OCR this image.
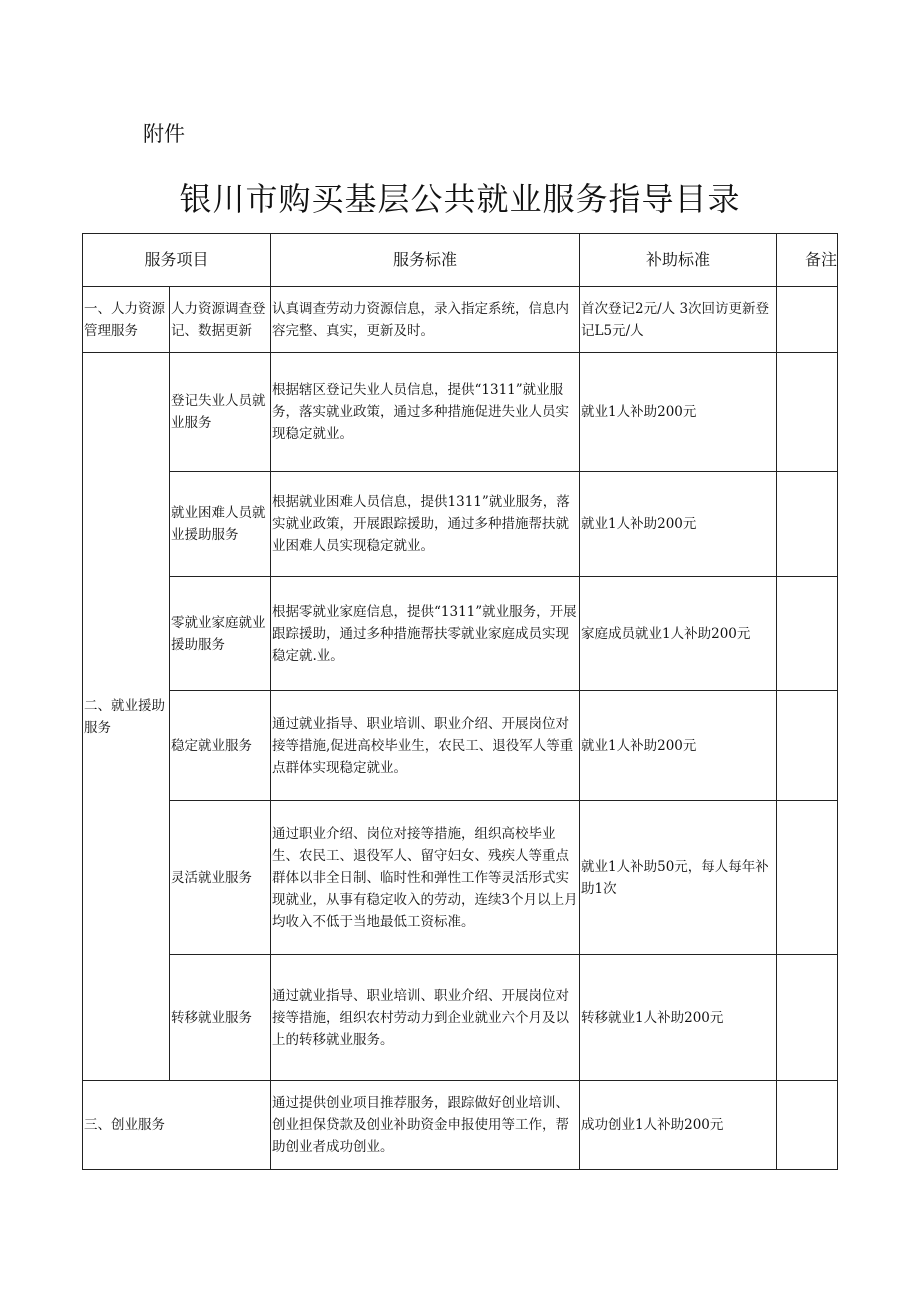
附件
银川市购买基层公共就业服务指导目录
服务项目		服务标准	补助标准	备注
一、人力资源管理服务	人力资源调查登记、数据更新	认真调查劳动力资源信息，录入指定系统，信息内容完整、真实，更新及时。	首次登记2元/人 3次回访更新登记L5元/人	
二、就业援助服务	登记失业人员就业服务	根据辖区登记失业人员信息，提供“1311”就业服务，落实就业政策，通过多种措施促进失业人员实现稳定就业。	就业1人补助200元	
	就业困难人员就业援助服务	根据就业困难人员信息，提供1311”就业服务，落实就业政策，开展跟踪援助，通过多种措施帮扶就业困难人员实现稳定就业。	就业1人补助200元	
	零就业家庭就业援助服务	根据零就业家庭信息，提供“1311”就业服务，开展跟踪援助，通过多种措施帮扶零就业家庭成员实现稳定就.业。	家庭成员就业1人补助200元	
	稳定就业服务	通过就业指导、职业培训、职业介绍、开展岗位对接等措施,促进高校毕业生，农民工、退役军人等重点群体实现稳定就业。	就业1人补助200元	
	灵活就业服务	通过职业介绍、岗位对接等措施，组织高校毕业生、农民工、退役军人、留守妇女、残疾人等重点群体以非全日制、临时性和弹性工作等灵活形式实现就业，从事有稳定收入的劳动，连续3个月以上月均收入不低于当地最低工资标准。	就业1人补助50元，每人每年补助1次	
	转移就业服务	通过就业指导、职业培训、职业介绍、开展岗位对接等措施，组织农村劳动力到企业就业六个月及以上的转移就业服务。	转移就业1人补助200元	
三、创业服务		通过提供创业项目推荐服务，跟踪做好创业培训、创业担保贷款及创业补助资金申报使用等工作，帮助创业者成功创业。	成功创业1人补助200元	
